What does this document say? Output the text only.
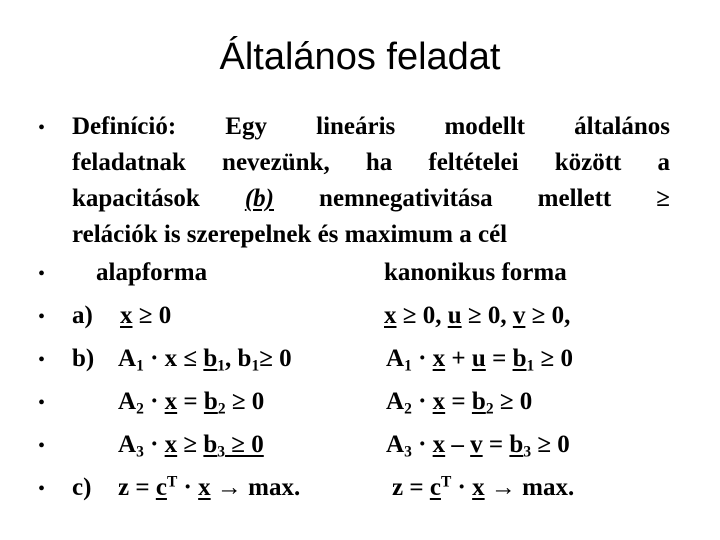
Általános feladat
• Definíció: Egy lineáris modellt általános
feladatnak nevezünk, ha feltételei között a
kapacitások (b) nemnegativitása mellett ≥
relációk is szerepelnek és maximum a cél
• alapforma	kanonikus forma
• a) x ≥ 0	x ≥ 0, u ≥ 0, v ≥ 0,
• b) $A_1 \cdot x \le b_1$, $b_1\ge 0$	$A_1 \cdot x + u = b_1 \ge 0$
•	$A_2 \cdot x = b_2 \ge 0$	$A_2 \cdot x = b_2 \ge 0$
•	$A_3 \cdot x \ge b_3 \ge 0$	$A_3 \cdot x - v = b_3 \ge 0$
• c) $z = c^T \cdot x \to \max$.	$z = c^T \cdot x \to \max$.
